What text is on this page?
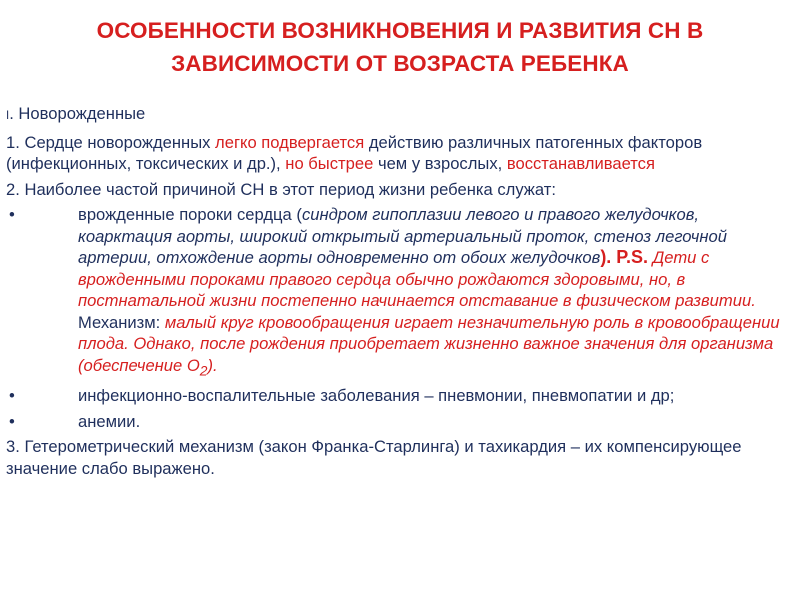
ОСОБЕННОСТИ ВОЗНИКНОВЕНИЯ И РАЗВИТИЯ СН В
ЗАВИСИМОСТИ ОТ ВОЗРАСТА РЕБЕНКА

I. Новорожденные

1. Сердце новорожденных легко подвергается действию различных патогенных факторов (инфекционных, токсических и др.), но быстрее чем у взрослых, восстанавливается

2. Наиболее частой причиной СН в этот период жизни ребенка служат:

•	врожденные пороки сердца (синдром гипоплазии левого и правого желудочков, коарктация аорты, широкий открытый артериальный проток, стеноз легочной артерии, отхождение аорты одновременно от обоих желудочков). P.S. Дети с врожденными пороками правого сердца обычно рождаются здоровыми, но, в постнатальной жизни постепенно начинается отставание в физическом развитии. Механизм: малый круг кровообращения играет незначительную роль в кровообращении плода. Однако, после рождения приобретает жизненно важное значения для организма (обеспечение $О_2$).
•	инфекционно-воспалительные заболевания – пневмонии, пневмопатии и др;
•	анемии.

3. Гетерометрический механизм (закон Франка-Старлинга) и тахикардия – их компенсирующее значение слабо выражено.
